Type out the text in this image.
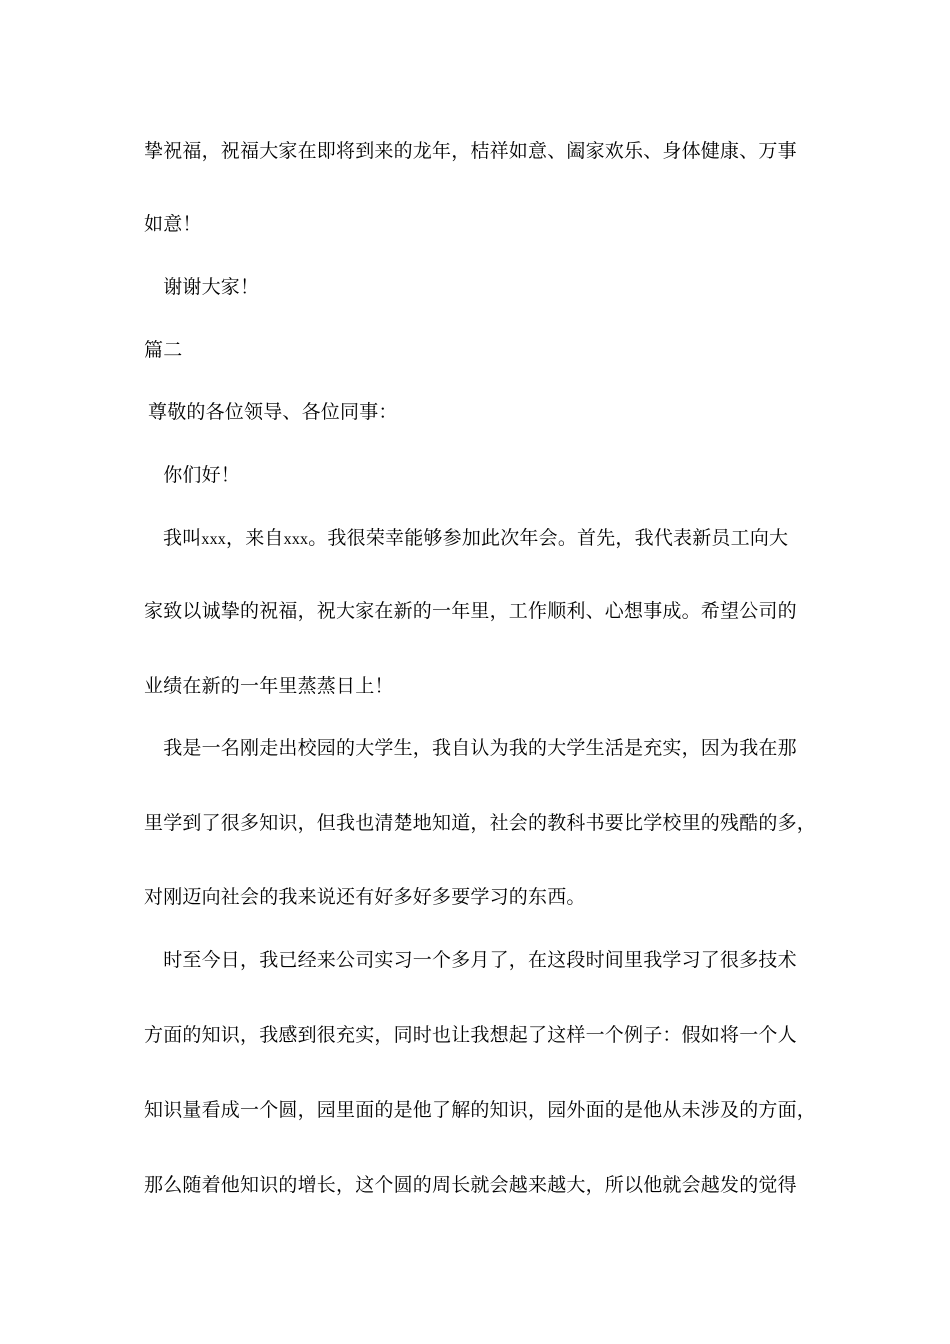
挚祝福，祝福大家在即将到来的龙年，桔祥如意、阖家欢乐、身体健康、万事
如意！
　谢谢大家！
篇二
尊敬的各位领导、各位同事：
　你们好！
我叫xxx，来自xxx。我很荣幸能够参加此次年会。首先，我代表新员工向大
家致以诚挚的祝福，祝大家在新的一年里，工作顺利、心想事成。希望公司的
业绩在新的一年里蒸蒸日上！
　我是一名刚走出校园的大学生，我自认为我的大学生活是充实，因为我在那
里学到了很多知识，但我也清楚地知道，社会的教科书要比学校里的残酷的多，
对刚迈向社会的我来说还有好多好多要学习的东西。
　时至今日，我已经来公司实习一个多月了，在这段时间里我学习了很多技术
方面的知识，我感到很充实，同时也让我想起了这样一个例子：假如将一个人
知识量看成一个圆，园里面的是他了解的知识，园外面的是他从未涉及的方面，
那么随着他知识的增长，这个圆的周长就会越来越大，所以他就会越发的觉得
